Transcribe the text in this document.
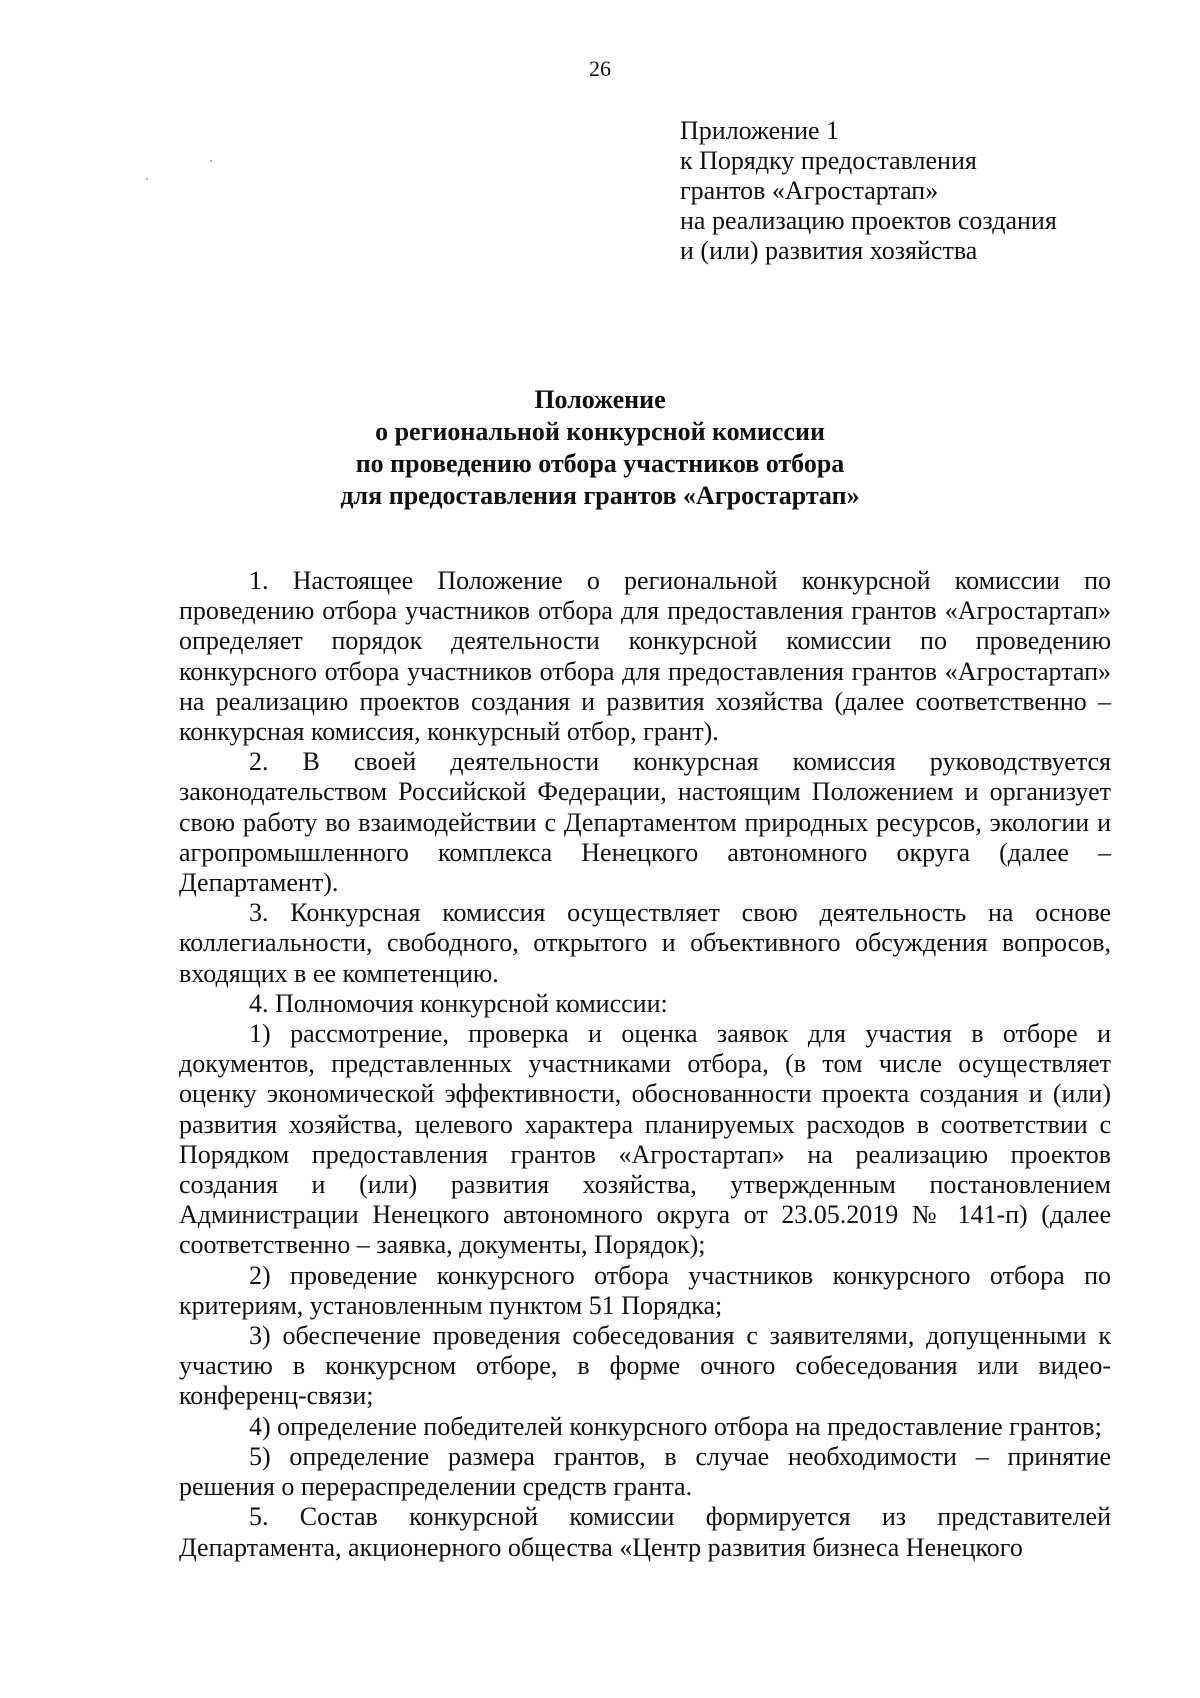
26
Приложение 1
к Порядку предоставления
грантов «Агростартап»
на реализацию проектов создания
и (или) развития хозяйства
Положение
о региональной конкурсной комиссии
по проведению отбора участников отбора
для предоставления грантов «Агростартап»

1. Настоящее Положение о региональной конкурсной комиссии по проведению отбора участников отбора для предоставления грантов «Агростартап» определяет порядок деятельности конкурсной комиссии по проведению конкурсного отбора участников отбора для предоставления грантов «Агростартап» на реализацию проектов создания и развития хозяйства (далее соответственно – конкурсная комиссия, конкурсный отбор, грант).

2. В своей деятельности конкурсная комиссия руководствуется законодательством Российской Федерации, настоящим Положением и организует свою работу во взаимодействии с Департаментом природных ресурсов, экологии и агропромышленного комплекса Ненецкого автономного округа (далее – Департамент).

3. Конкурсная комиссия осуществляет свою деятельность на основе коллегиальности, свободного, открытого и объективного обсуждения вопросов, входящих в ее компетенцию.

4. Полномочия конкурсной комиссии:

1) рассмотрение, проверка и оценка заявок для участия в отборе и документов, представленных участниками отбора, (в том числе осуществляет оценку экономической эффективности, обоснованности проекта создания и (или) развития хозяйства, целевого характера планируемых расходов в соответствии с Порядком предоставления грантов «Агростартап» на реализацию проектов создания и (или) развития хозяйства, утвержденным постановлением Администрации Ненецкого автономного округа от 23.05.2019 № 141-п) (далее соответственно – заявка, документы, Порядок);

2) проведение конкурсного отбора участников конкурсного отбора по критериям, установленным пунктом 51 Порядка;

3) обеспечение проведения собеседования с заявителями, допущенными к участию в конкурсном отборе, в форме очного собеседования или видео-конференц-связи;

4) определение победителей конкурсного отбора на предоставление грантов;

5) определение размера грантов, в случае необходимости – принятие решения о перераспределении средств гранта.

5. Состав конкурсной комиссии формируется из представителей Департамента, акционерного общества «Центр развития бизнеса Ненецкого
